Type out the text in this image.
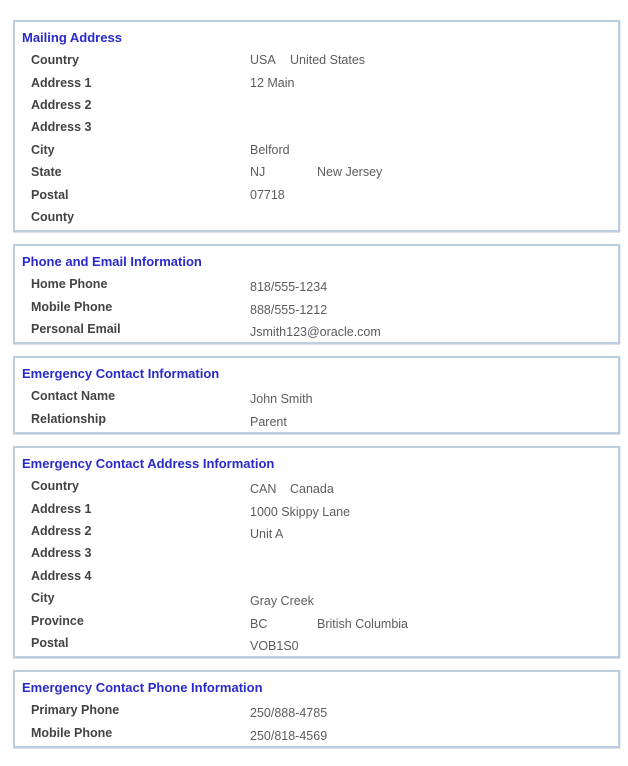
Mailing Address
Country	USA	United States
Address 1	12 Main
Address 2
Address 3
City	Belford
State	NJ	New Jersey
Postal	07718
County
Phone and Email Information
Home Phone	818/555-1234
Mobile Phone	888/555-1212
Personal Email	Jsmith123@oracle.com
Emergency Contact Information
Contact Name	John Smith
Relationship	Parent
Emergency Contact Address Information
Country	CAN	Canada
Address 1	1000 Skippy Lane
Address 2	Unit A
Address 3
Address 4
City	Gray Creek
Province	BC	British Columbia
Postal	VOB1S0
Emergency Contact Phone Information
Primary Phone	250/888-4785
Mobile Phone	250/818-4569
